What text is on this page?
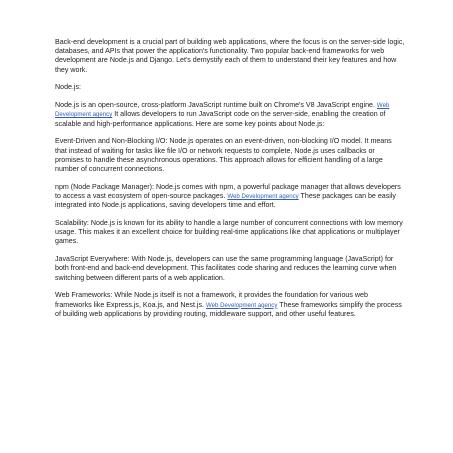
Back-end development is a crucial part of building web applications, where the focus is on the server-side logic, databases, and APIs that power the application's functionality. Two popular back-end frameworks for web development are Node.js and Django. Let's demystify each of them to understand their key features and how they work.

Node.js:

Node.js is an open-source, cross-platform JavaScript runtime built on Chrome's V8 JavaScript engine. Web Development agency It allows developers to run JavaScript code on the server-side, enabling the creation of scalable and high-performance applications. Here are some key points about Node.js:

Event-Driven and Non-Blocking I/O: Node.js operates on an event-driven, non-blocking I/O model. It means that instead of waiting for tasks like file I/O or network requests to complete, Node.js uses callbacks or promises to handle these asynchronous operations. This approach allows for efficient handling of a large number of concurrent connections.

npm (Node Package Manager): Node.js comes with npm, a powerful package manager that allows developers to access a vast ecosystem of open-source packages. Web Development agency These packages can be easily integrated into Node.js applications, saving developers time and effort.

Scalability: Node.js is known for its ability to handle a large number of concurrent connections with low memory usage. This makes it an excellent choice for building real-time applications like chat applications or multiplayer games.

JavaScript Everywhere: With Node.js, developers can use the same programming language (JavaScript) for both front-end and back-end development. This facilitates code sharing and reduces the learning curve when switching between different parts of a web application.

Web Frameworks: While Node.js itself is not a framework, it provides the foundation for various web frameworks like Express.js, Koa.js, and Nest.js. Web Development agency These frameworks simplify the process of building web applications by providing routing, middleware support, and other useful features.
